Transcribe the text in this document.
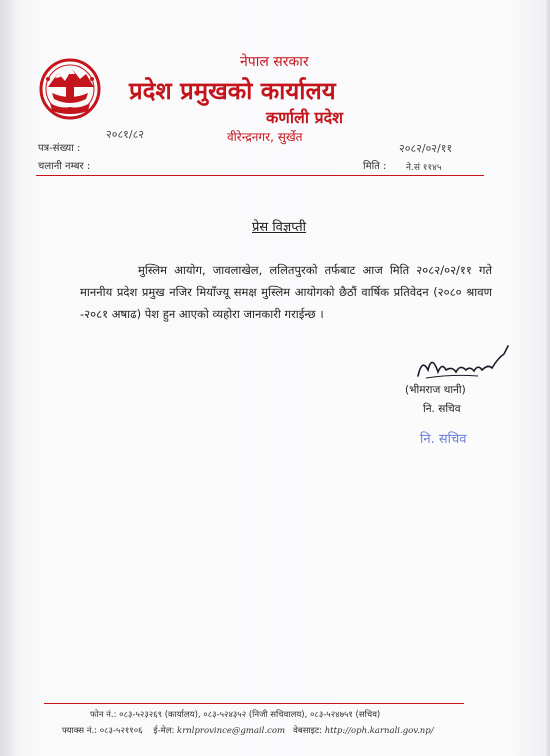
नेपाल सरकार
प्रदेश प्रमुखको कार्यालय
कर्णाली प्रदेश
वीरेन्द्रनगर, सुर्खेत
२०८१/८२
पत्र-संख्या :
चलानी नम्बर :
२०८२/०२/११
मिति : ने.सं ११४५
प्रेस विज्ञप्ती
मुस्लिम आयोग, जावलाखेल, ललितपुरको तर्फबाट आज मिति २०८२/०२/११ गते माननीय प्रदेश प्रमुख नजिर मियाँज्यू समक्ष मुस्लिम आयोगको छैठौं वार्षिक प्रतिवेदन (२०८० श्रावण -२०८१ अषाढ) पेश हुन आएको व्यहोरा जानकारी गराईन्छ ।
(भीमराज थानी)
नि. सचिव
नि. सचिव
फोन नं.: ०८३-५२३२६९ (कार्यालय), ०८३-५२४३५२ (निजी सचिवालय), ०८३-५२४७५१ (सचिव)
फ्याक्स नं.: ०८३-५२११०६ ई-मेल: krnlprovince@gmail.com वेबसाइट: http://oph.karnali.gov.np/
